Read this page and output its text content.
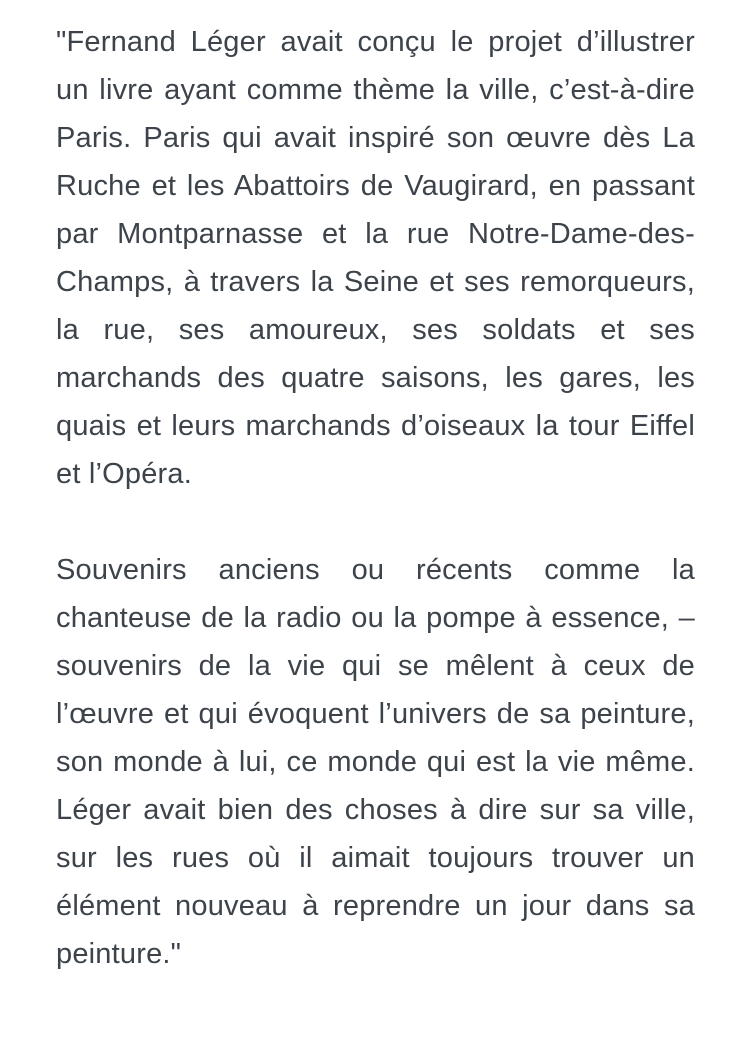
"Fernand Léger avait conçu le projet d’illustrer un livre ayant comme thème la ville, c’est-à-dire Paris. Paris qui avait inspiré son œuvre dès La Ruche et les Abattoirs de Vaugirard, en passant par Montparnasse et la rue Notre-Dame-des-Champs, à travers la Seine et ses remorqueurs, la rue, ses amoureux, ses soldats et ses marchands des quatre saisons, les gares, les quais et leurs marchands d’oiseaux la tour Eiffel et l’Opéra.

Souvenirs anciens ou récents comme la chanteuse de la radio ou la pompe à essence, – souvenirs de la vie qui se mêlent à ceux de l’œuvre et qui évoquent l’univers de sa peinture, son monde à lui, ce monde qui est la vie même. Léger avait bien des choses à dire sur sa ville, sur les rues où il aimait toujours trouver un élément nouveau à reprendre un jour dans sa peinture."
